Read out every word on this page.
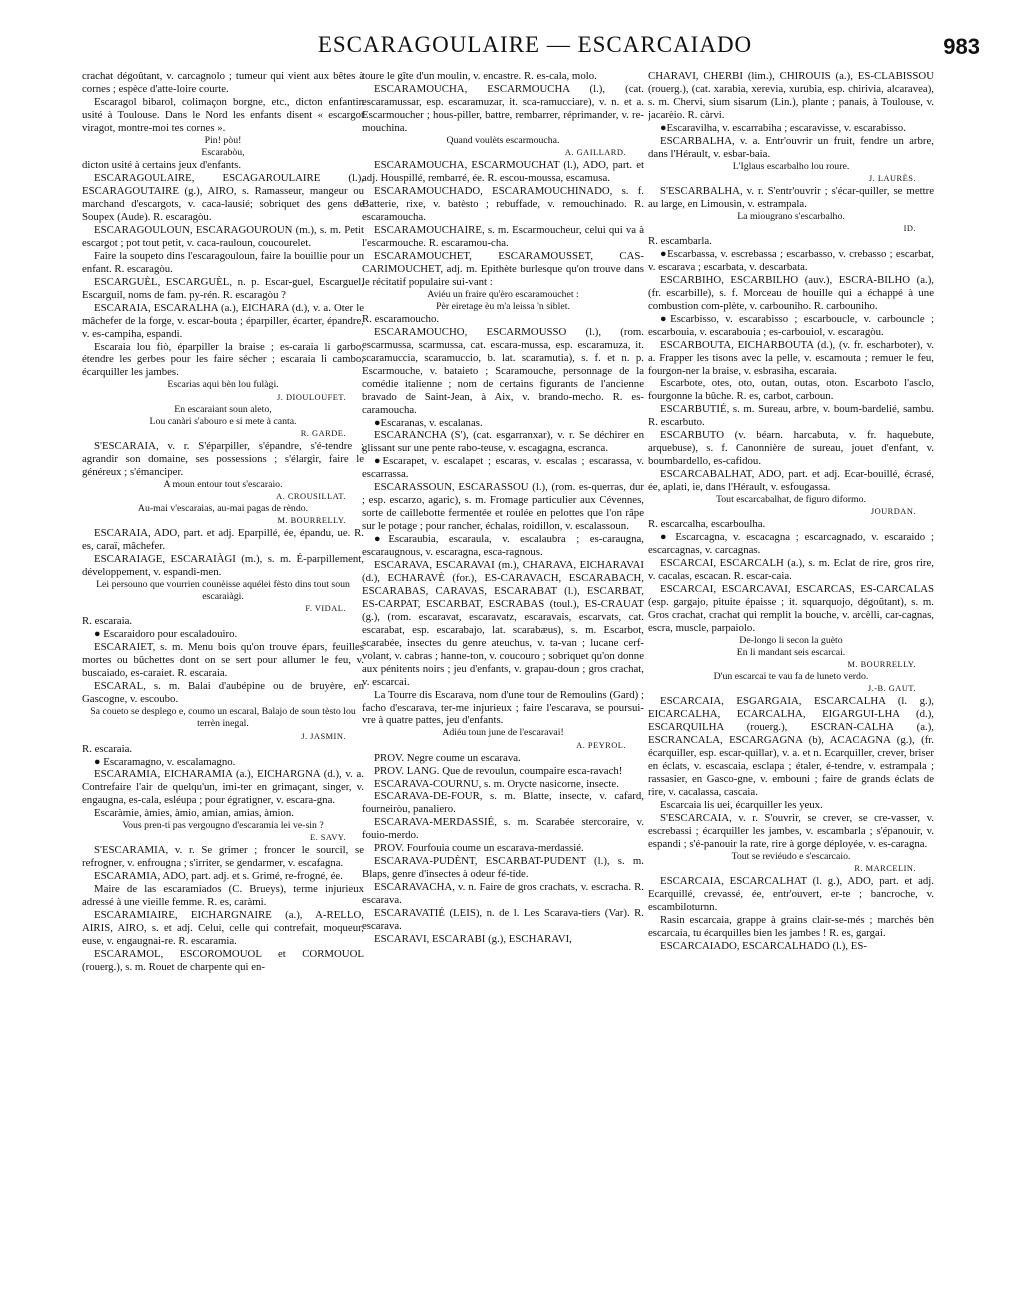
ESCARAGOULAIRE — ESCARCAIADO	983

crachat dégoûtant, v. carcagnolo ; tumeur qui vient aux bêtes à cornes ; espèce d'atte-loire courte.

Escaragol bibarol, colimaçon borgne, etc., dicton enfantin usité à Toulouse. Dans le Nord les enfants disent « escargot viragot, montre-moi tes cornes ».

Pin! pòu!

Escarabòu,

dicton usité à certains jeux d'enfants.

ESCARAGOULAIRE, ESCAGAROULAIRE (l.), ESCARAGOUTAIRE (g.), AIRO, s. Ramasseur, mangeur ou marchand d'escargots, v. caca-lausié; sobriquet des gens de Soupex (Aude). R. escaragòu.

ESCARAGOULOUN, ESCARAGOUROUN (m.), s. m. Petit escargot ; pot tout petit, v. caca-rauloun, coucourelet.

Faire la soupeto dins l'escaragouloun, faire la bouillie pour un enfant. R. escaragòu.

ESCARGUÈL, ESCARGUÈL, n. p. Escar-guel, Escarguel, Escarguil, noms de fam. py-rén. R. escaragòu ?

ESCARAIA, ESCARALHA (a.), EICHARA (d.), v. a. Oter le mâchefer de la forge, v. escar-bouta ; éparpiller, écarter, épandre, v. es-campiha, espandi.

Escaraia lou fiò, éparpiller la braise ; es-caraia li garbo, étendre les gerbes pour les faire sécher ; escaraia li cambo, écarquiller les jambes.

Escarias aqui bèn lou fulàgi.

J. DIOULOUFET.

En escaraiant soun aleto,

Lou canàri s'abouro e si mete à canta.

R. GARDE.

S'ESCARAIA, v. r. S'éparpiller, s'épandre, s'é-tendre ; agrandir son domaine, ses possessions ; s'élargir, faire le généreux ; s'émanciper.

A moun entour tout s'escaraio.

A. CROUSILLAT.

Au-mai v'escaraias, au-mai pagas de rèndo.

M. BOURRELLY.

ESCARAIA, ADO, part. et adj. Eparpillé, ée, épandu, ue. R. es, caraï, mâchefer.

ESCARAIAGE, ESCARAIÀGI (m.), s. m. É-parpillement, développement, v. espandi-men.

Lei persouno que vourrien counèisse aquélei fèsto dins tout soun escaraiàgi.

F. VIDAL.

R. escaraia.

● Escaraidoro pour escaladouiro.

ESCARAIET, s. m. Menu bois qu'on trouve épars, feuilles mortes ou bûchettes dont on se sert pour allumer le feu, v. buscaiado, es-caraiet. R. escaraia.

ESCARAL, s. m. Balai d'aubépine ou de bruyère, en Gascogne, v. escoubo.

Sa coueto se desplego e, coumo un escaral, Balajo de soun tèsto lou terrèn inegal.

J. JASMIN.

R. escaraia.

● Escaramagno, v. escalamagno.

ESCARAMIA, EICHARAMIA (a.), EICHARGNA (d.), v. a. Contrefaire l'air de quelqu'un, imi-ter en grimaçant, singer, v. engaugna, es-cala, esléupa ; pour égratigner, v. escara-gna.

Escaràmie, àmies, àmio, amian, amias, àmion.

Vous pren-ti pas vergougno d'escaramia lei ve-sin ?

E. SAVY.

S'ESCARAMIA, v. r. Se grimer ; froncer le sourcil, se refrogner, v. enfrougna ; s'irriter, se gendarmer, v. escafagna.

ESCARAMIA, ADO, part. adj. et s. Grimé, re-frogné, ée.

Maire de las escaramiados (C. Brueys), terme injurieux adressé à une vieille femme. R. es, caràmi.

ESCARAMIAIRE, EICHARGNAIRE (a.), A-RELLO, AIRIS, AIRO, s. et adj. Celui, celle qui contrefait, moqueur, euse, v. engaugnai-re. R. escaramia.

ESCARAMOL, ESCOROMOUOL et CORMOUOL (rouerg.), s. m. Rouet de charpente qui en-

toure le gîte d'un moulin, v. encastre. R. es-cala, molo.

ESCARAMOUCHA, ESCARMOUCHA (l.), (cat. escaramussar, esp. escaramuzar, it. sca-ramucciare), v. n. et a. Escarmoucher ; hous-piller, battre, rembarrer, réprimander, v. re-mouchina.

Quand voulèts escarmoucha.

A. GAILLARD.

ESCARAMOUCHA, ESCARMOUCHAT (l.), ADO, part. et adj. Houspillé, rembarré, ée. R. escou-moussa, escamusa.

ESCARAMOUCHADO, ESCARAMOUCHINADO, s. f. Batterie, rixe, v. batèsto ; rebuffade, v. remouchinado. R. escaramoucha.

ESCARAMOUCHAIRE, s. m. Escarmoucheur, celui qui va à l'escarmouche. R. escaramou-cha.

ESCARAMOUCHET, ESCARAMOUSSET, CAS-CARIMOUCHET, adj. m. Epithète burlesque qu'on trouve dans le récitatif populaire sui-vant :

Aviéu un fraire qu'èro escaramouchet :

Pèr eiretage èu m'a leissa 'n siblet.

R. escaramoucho.

ESCARAMOUCHO, ESCARMOUSSO (l.), (rom. escarmussa, scarmussa, cat. escara-mussa, esp. escaramuza, it. scaramuccia, scaramuccio, b. lat. scaramutia), s. f. et n. p. Escarmouche, v. bataieto ; Scaramouche, personnage de la comédie italienne ; nom de certains figurants de l'ancienne bravado de Saint-Jean, à Aix, v. brando-mecho. R. es-caramoucha.

●Escaranas, v. escalanas.

ESCARANCHA (S'), (cat. esgarranxar), v. r. Se déchirer en glissant sur une pente rabo-teuse, v. escagagna, escranca.

●Escarapet, v. escalapet ; escaras, v. escalas ; escarassa, v. escarrassa.

ESCARASSOUN, ESCARASSOU (l.), (rom. es-querras, dur ; esp. escarzo, agaric), s. m. Fromage particulier aux Cévennes, sorte de caillebotte fermentée et roulée en pelottes que l'on râpe sur le potage ; pour rancher, échalas, roidillon, v. escalassoun.

●Escaraubia, escaraula, v. escalaubra ; es-caraugna, escaraugnous, v. escaragna, esca-ragnous.

ESCARAVA, ESCARAVAI (m.), CHARAVA, EICHARAVAI (d.), ECHARAVÈ (for.), ES-CARAVACH, ESCARABACH, ESCARABAS, CARAVAS, ESCARABAT (l.), ESCARBAT, ES-CARPAT, ESCARBAT, ESCRABAS (toul.), ES-CRAUAT (g.), (rom. escaravat, escaravatz, escaravais, escarvats, cat. escarabat, esp. escarabajo, lat. scarabæus), s. m. Escarbot, scarabée, insectes du genre ateuchus, v. ta-van ; lucane cerf-volant, v. cabras ; hanne-ton, v. coucouro ; sobriquet qu'on donne aux pénitents noirs ; jeu d'enfants, v. grapau-doun ; gros crachat, v. escarcai.

La Tourre dis Escarava, nom d'une tour de Remoulins (Gard) ; facho d'escarava, ter-me injurieux ; faire l'escarava, se poursui-vre à quatre pattes, jeu d'enfants.

Adiéu toun june de l'escaravai!

A. PEYROL.

PROV. Negre coume un escarava.

PROV. LANG. Que de revoulun, coumpaire esca-ravach!

ESCARAVA-COURNU, s. m. Orycte nasicorne, insecte.

ESCARAVA-DE-FOUR, s. m. Blatte, insecte, v. cafard, fourneiròu, panaliero.

ESCARAVA-MERDASSIÉ, s. m. Scarabée stercoraire, v. fouio-merdo.

PROV. Fourfouia coume un escarava-merdassié.

ESCARAVA-PUDÈNT, ESCARBAT-PUDENT (l.), s. m. Blaps, genre d'insectes à odeur fé-tide.

ESCARAVACHA, v. n. Faire de gros crachats, v. escracha. R. escarava.

ESCARAVATIÉ (LEIS), n. de l. Les Scarava-tiers (Var). R. escarava.

ESCARAVI, ESCARABI (g.), ESCHARAVI,

CHARAVI, CHERBI (lim.), CHIROUIS (a.), ES-CLABISSOU (rouerg.), (cat. xarabia, xerevia, xurubia, esp. chirivia, alcaravea), s. m. Chervi, sium sisarum (Lin.), plante ; panais, à Toulouse, v. jacarèio. R. càrvi.

●Escaravilha, v. escarrabiha ; escaravisse, v. escarabisso.

ESCARBALHA, v. a. Entr'ouvrir un fruit, fendre un arbre, dans l'Hérault, v. esbar-baia.

L'Iglaus escarbalho lou roure.

J. LAURÈS.

S'ESCARBALHA, v. r. S'entr'ouvrir ; s'écar-quiller, se mettre au large, en Limousin, v. estrampala.

La miougrano s'escarbalho.

ID.

R. escambarla.

●Escarbassa, v. escrebassa ; escarbasso, v. crebasso ; escarbat, v. escarava ; escarbata, v. descarbata.

ESCARBIHO, ESCARBILHO (auv.), ESCRA-BILHO (a.), (fr. escarbille), s. f. Morceau de houille qui a échappé à une combustion com-plète, v. carbouniho. R. carbouniho.

●Escarbisso, v. escarabisso ; escarboucle, v. carbouncle ; escarbouia, v. escarabouia ; es-carbouiol, v. escaragòu.

ESCARBOUTA, EICHARBOUTA (d.), (v. fr. escharboter), v. a. Frapper les tisons avec la pelle, v. escamouta ; remuer le feu, fourgon-ner la braise, v. esbrasiha, escaraia.

Escarbote, otes, oto, outan, outas, oton. Escarboto l'asclo, fourgonne la bûche. R. es, carbot, carboun.

ESCARBUTIÉ, s. m. Sureau, arbre, v. boum-bardelié, sambu. R. escarbuto.

ESCARBUTO (v. béarn. harcabuta, v. fr. haquebute, arquebuse), s. f. Canonnière de sureau, jouet d'enfant, v. boumbardello, es-cafidou.

ESCARCABALHAT, ADO, part. et adj. Ecar-bouillé, écrasé, ée, aplati, ie, dans l'Hérault, v. esfougassa.

Tout escarcabalhat, de figuro diformo.

JOURDAN.

R. escarcalha, escarboulha.

● Escarcagna, v. escacagna ; escarcagnado, v. escaraido ; escarcagnas, v. carcagnas.

ESCARCAI, ESCARCALH (a.), s. m. Eclat de rire, gros rire, v. cacalas, escacan. R. escar-caia.

ESCARCAI, ESCARCAVAI, ESCARCAS, ES-CARCALAS (esp. gargajo, pituite épaisse ; it. squarquojo, dégoûtant), s. m. Gros crachat, crachat qui remplit la bouche, v. arcèlli, car-cagnas, escra, muscle, parpaiolo.

De-longo li secon la guèto

En li mandant seis escarcai.

M. BOURRELLY.

D'un escarcai te vau fa de luneto verdo.

J.-B. GAUT.

ESCARCAIA, ESGARGAIA, ESCARCALHA (l. g.), EICARCALHA, ECARCALHA, EIGARGUI-LHA (d.), ESCARQUILHA (rouerg.), ESCRAN-CALHA (a.), ESCRANCALA, ESCARGAGNA (b), ACACAGNA (g.), (fr. écarquiller, esp. escar-quillar), v. a. et n. Ecarquiller, crever, briser en éclats, v. escascaia, esclapa ; étaler, é-tendre, v. estrampala ; rassasier, en Gasco-gne, v. embouni ; faire de grands éclats de rire, v. cacalassa, cascaia.

Escarcaia lis uei, écarquiller les yeux.

S'ESCARCAIA, v. r. S'ouvrir, se crever, se cre-vasser, v. escrebassi ; écarquiller les jambes, v. escambarla ; s'épanouir, v. espandi ; s'é-panouir la rate, rire à gorge déployée, v. es-caragna.

Tout se reviéudo e s'escarcaio.

R. MARCELIN.

ESCARCAIA, ESCARCALHAT (l. g.), ADO, part. et adj. Ecarquillé, crevassé, ée, entr'ouvert, er-te ; bancroche, v. escambiloturnn.

Rasin escarcaia, grappe à grains clair-se-més ; marchés bèn escarcaia, tu écarquilles bien les jambes ! R. es, gargai.

ESCARCAIADO, ESCARCALHADO (l.), ES-
